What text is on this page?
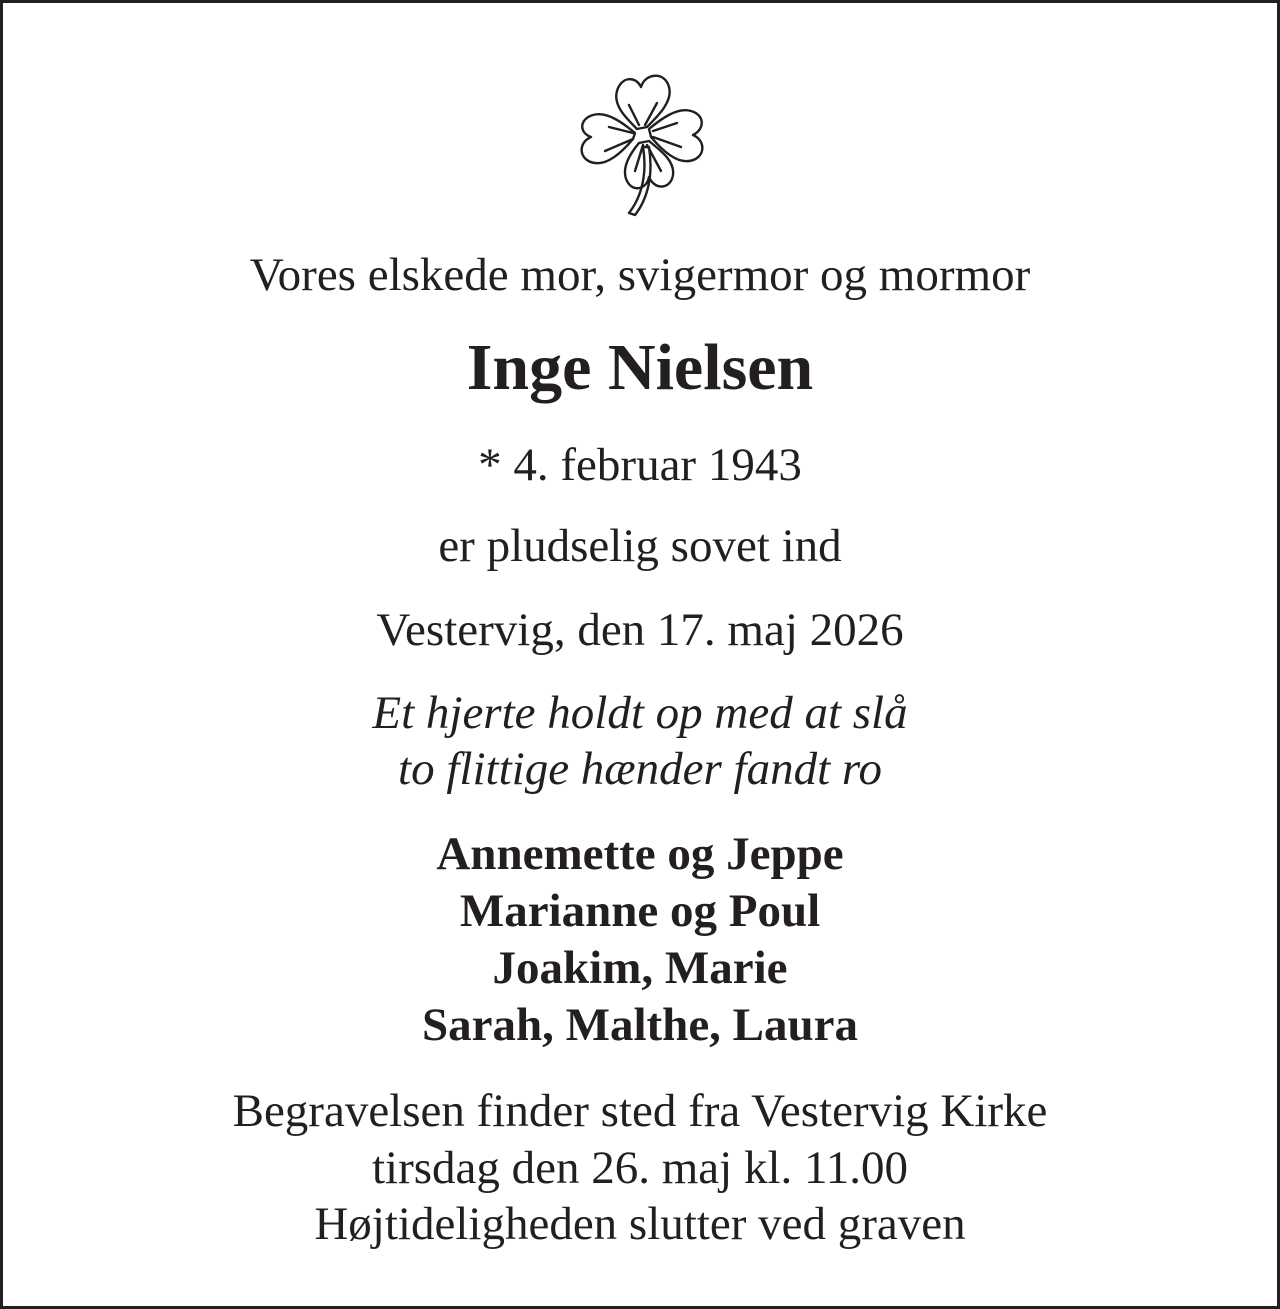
Vores elskede mor, svigermor og mormor

Inge Nielsen

* 4. februar 1943

er pludselig sovet ind

Vestervig, den 17. maj 2026

Et hjerte holdt op med at slå

to flittige hænder fandt ro

Annemette og Jeppe

Marianne og Poul

Joakim, Marie

Sarah, Malthe, Laura

Begravelsen finder sted fra Vestervig Kirke

tirsdag den 26. maj kl. 11.00

Højtideligheden slutter ved graven
